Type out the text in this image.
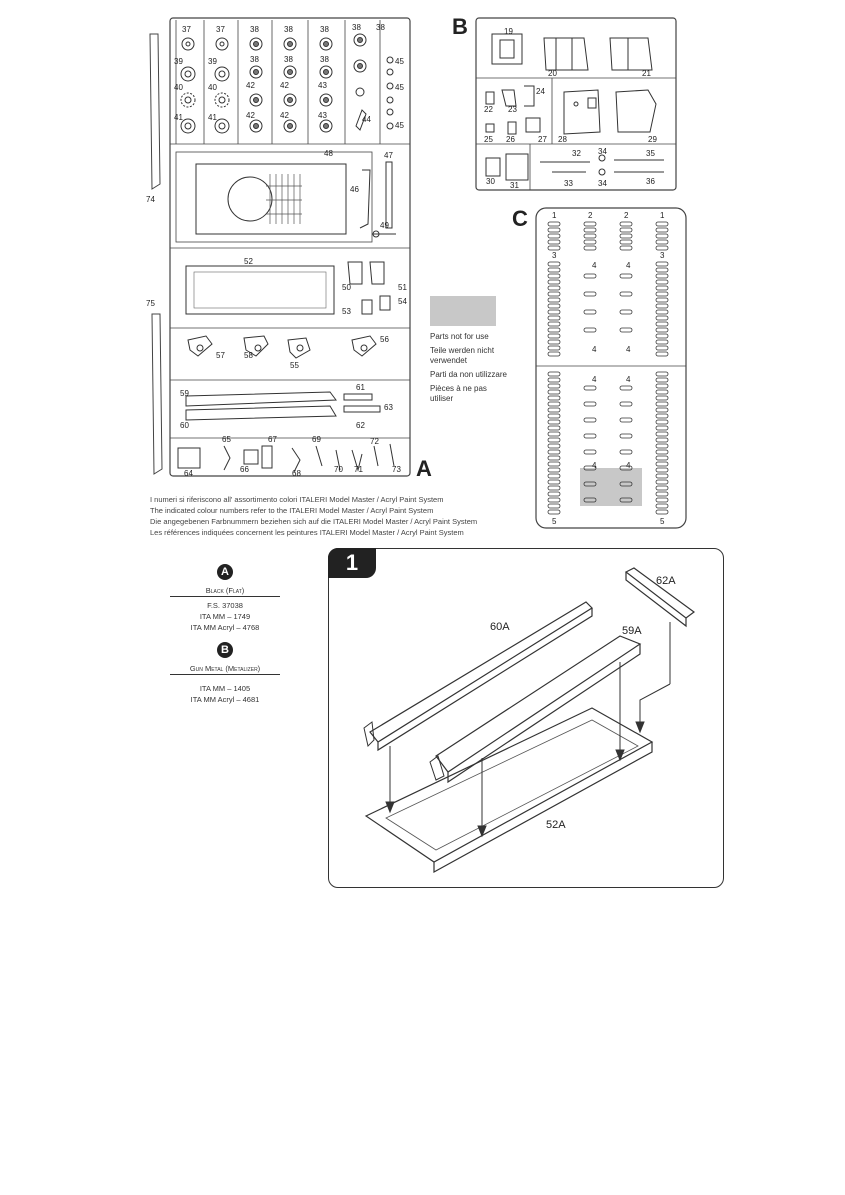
74
75
37	37	38	38	38	38 38
39	39	38	38	38	45
40	40	42	42	43	45
41	41	42	42	43	44
45
48	47
46
49
52
50	51
53
54
57 58
55
56
59
60
61
62
63
64
65
66
67
68
69
70 71
72
73 A
B	19
20	21
22 23
24
25 26	27 28	29
30 31
32
33
34
34
35
36
C	1	2	2	1
3
4	4
3
4	4
4	4
4	4
5	5
Parts not for use
Teile werden nicht
verwendet
Parti da non utilizzare
Pièces à ne pas
utiliser
I numeri si riferiscono all' assortimento colori ITALERI Model Master / Acryl Paint System
The indicated colour numbers refer to the ITALERI Model Master / Acryl Paint System
Die angegebenen Farbnummern beziehen sich auf die ITALERI Model Master / Acryl Paint System
Les références indiquées concernent les peintures ITALERI Model Master / Acryl Paint System
A
Black (Flat)
F.S. 37038
ITA MM – 1749
ITA MM Acryl – 4768
B
Gun Metal (Metalizer)
ITA MM – 1405
ITA MM Acryl – 4681
1
62A
60A	59A
52A
